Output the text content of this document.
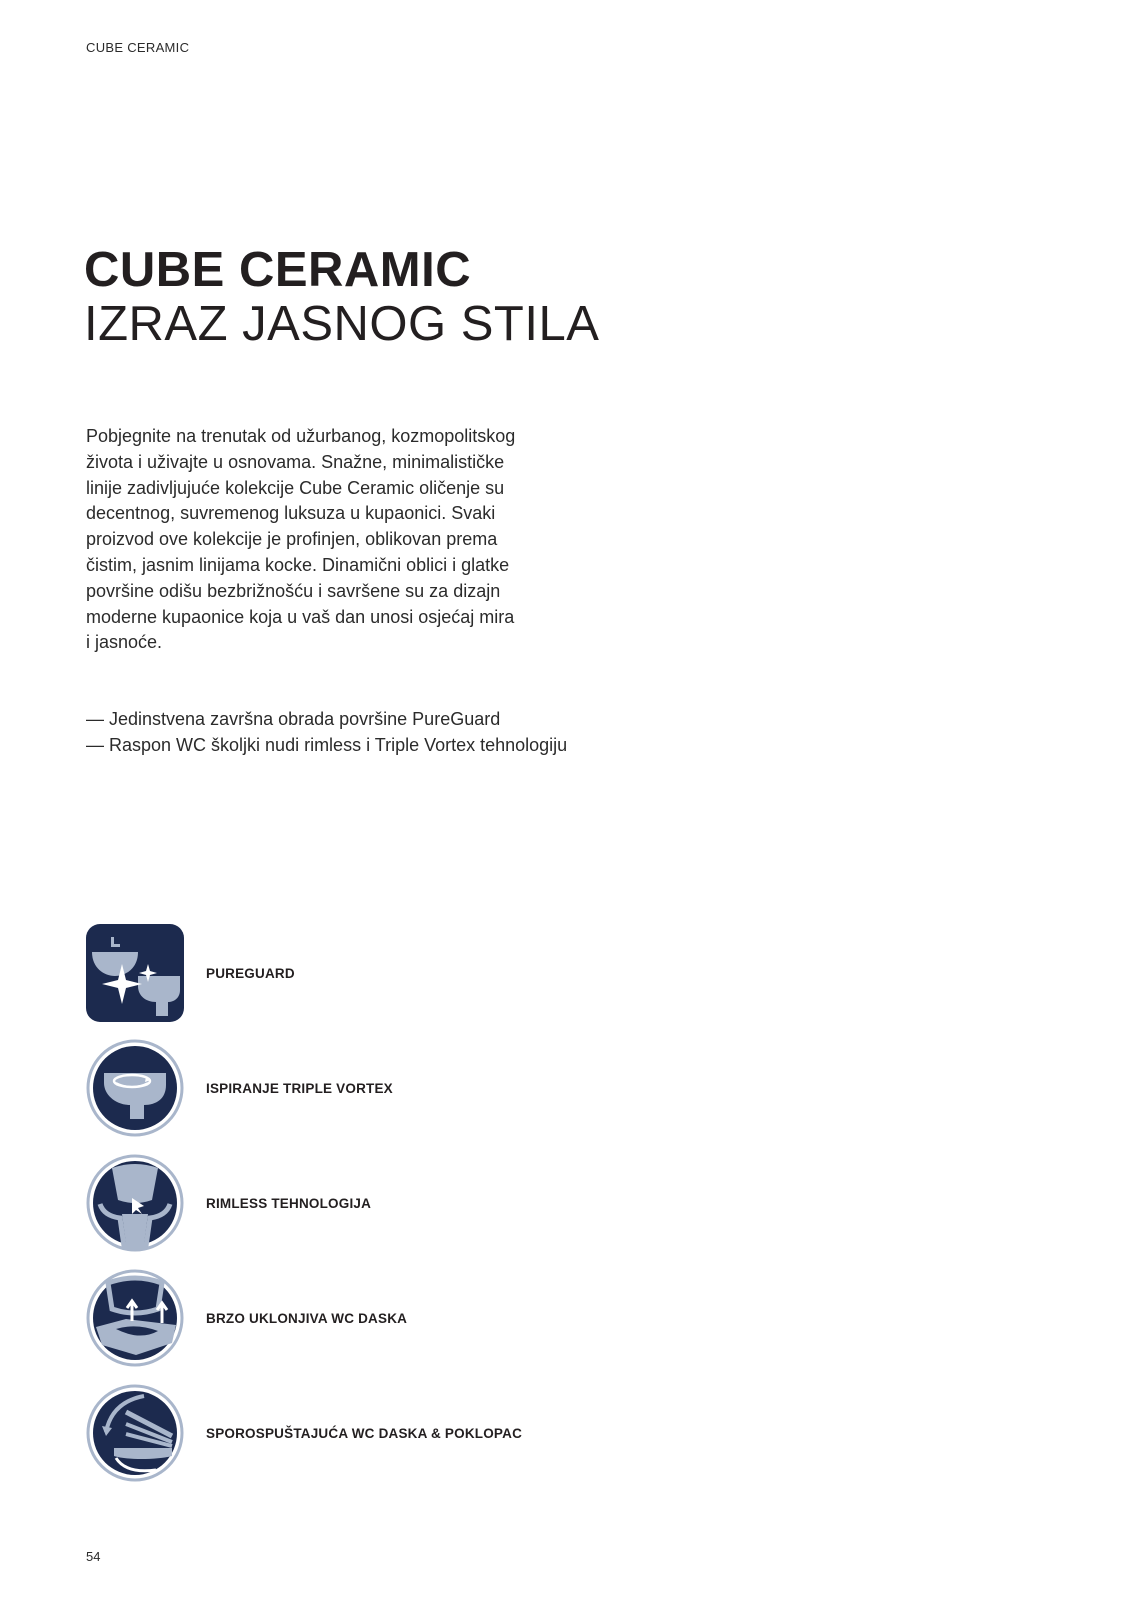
CUBE CERAMIC
CUBE CERAMIC
IZRAZ JASNOG STILA

Pobjegnite na trenutak od užurbanog, kozmopolitskog
života i uživajte u osnovama. Snažne, minimalističke
linije zadivljujuće kolekcije Cube Ceramic oličenje su
decentnog, suvremenog luksuza u kupaonici. Svaki
proizvod ove kolekcije je profinjen, oblikovan prema
čistim, jasnim linijama kocke. Dinamični oblici i glatke
površine odišu bezbrižnošću i savršene su za dizajn
moderne kupaonice koja u vaš dan unosi osjećaj mira
i jasnoće.

— Jedinstvena završna obrada površine PureGuard
— Raspon WC školjki nudi rimless i Triple Vortex tehnologiju
PUREGUARD
ISPIRANJE TRIPLE VORTEX
RIMLESS TEHNOLOGIJA
BRZO UKLONJIVA WC DASKA
SPOROSPUŠTAJUĆA WC DASKA & POKLOPAC
54
